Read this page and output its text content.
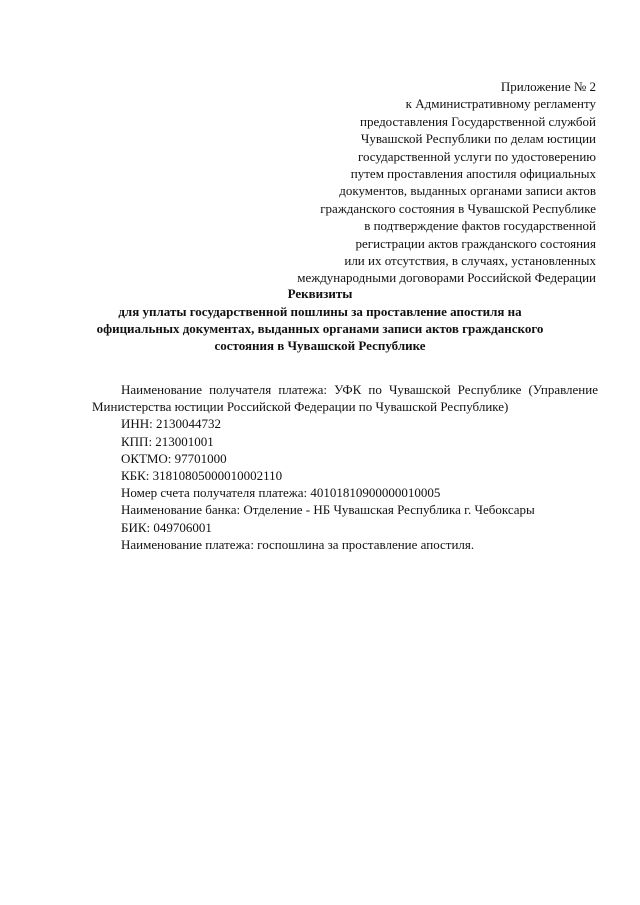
Приложение № 2
к Административному регламенту
предоставления Государственной службой
Чувашской Республики по делам юстиции
государственной услуги по удостоверению
путем проставления апостиля официальных
документов, выданных органами записи актов
гражданского состояния в Чувашской Республике
в подтверждение фактов государственной
регистрации актов гражданского состояния
или их отсутствия, в случаях, установленных
международными договорами Российской Федерации
Реквизиты
для уплаты государственной пошлины за проставление апостиля на
официальных документах, выданных органами записи актов гражданского
состояния в Чувашской Республике
Наименование получателя платежа: УФК по Чувашской Республике (Управление Министерства юстиции Российской Федерации по Чувашской Республике)
ИНН: 2130044732
КПП: 213001001
ОКТМО: 97701000
КБК: 31810805000010002110
Номер счета получателя платежа: 40101810900000010005
Наименование банка: Отделение - НБ Чувашская Республика г. Чебоксары
БИК: 049706001
Наименование платежа: госпошлина за проставление апостиля.
